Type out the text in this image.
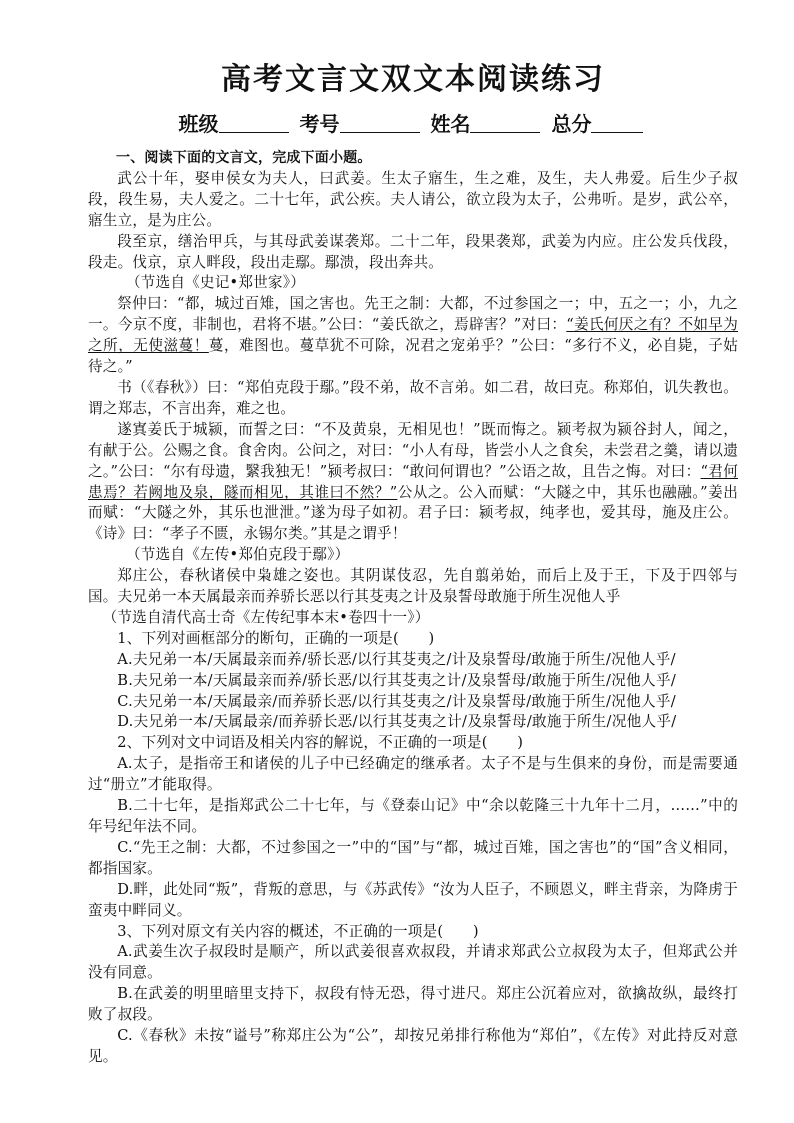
高考文言文双文本阅读练习
班级	考号	姓名	总分

一、阅读下面的文言文，完成下面小题。

武公十年，娶申侯女为夫人，曰武姜。生太子寤生，生之难，及生，夫人弗爱。后生少子叔段，段生易，夫人爱之。二十七年，武公疾。夫人请公，欲立段为太子，公弗听。是岁，武公卒，寤生立，是为庄公。

段至京，缮治甲兵，与其母武姜谋袭郑。二十二年，段果袭郑，武姜为内应。庄公发兵伐段，段走。伐京，京人畔段，段出走鄢。鄢溃，段出奔共。

（节选自《史记•郑世家》）

祭仲曰：“都，城过百雉，国之害也。先王之制：大都，不过参国之一；中，五之一；小，九之一。今京不度，非制也，君将不堪。”公曰：“姜氏欲之，焉辟害？”对曰：“姜氏何厌之有？不如早为之所，无使滋蔓！蔓，难图也。蔓草犹不可除，况君之宠弟乎？”公曰：“多行不义，必自毙，子姑待之。”

书（《春秋》）曰：“郑伯克段于鄢。”段不弟，故不言弟。如二君，故曰克。称郑伯，讥失教也。谓之郑志，不言出奔，难之也。

遂寘姜氏于城颍，而誓之曰：“不及黄泉，无相见也！”既而悔之。颍考叔为颍谷封人，闻之，有献于公。公赐之食。食舍肉。公问之，对曰：“小人有母，皆尝小人之食矣，未尝君之羹，请以遗之。”公曰：“尔有母遗，繄我独无！”颍考叔曰：“敢问何谓也？”公语之故，且告之悔。对曰：“君何患焉？若阙地及泉，隧而相见，其谁曰不然？”公从之。公入而赋：“大隧之中，其乐也融融。”姜出而赋：“大隧之外，其乐也泄泄。”遂为母子如初。君子曰：颍考叔，纯孝也，爱其母，施及庄公。《诗》曰：“孝子不匮，永锡尔类。”其是之谓乎！

（节选自《左传•郑伯克段于鄢》）

郑庄公，春秋诸侯中枭雄之姿也。其阴谋伎忍，先自翦弟始，而后上及于王，下及于四邻与国。夫兄弟一本天属最亲而养骄长恶以行其芟夷之计及泉誓母敢施于所生况他人乎

（节选自清代高士奇《左传纪事本末•卷四十一》）

1、下列对画框部分的断句，正确的一项是(　　)

A.夫兄弟一本/天属最亲而养/骄长恶/以行其芟夷之/计及泉誓母/敢施于所生/况他人乎/

B.夫兄弟一本/天属最亲而养/骄长恶/以行其芟夷之计/及泉誓母/敢施于所生/况他人乎/

C.夫兄弟一本/天属最亲/而养骄长恶/以行其芟夷之/计及泉誓母/敢施于所生/况他人乎/

D.夫兄弟一本/天属最亲/而养骄长恶/以行其芟夷之计/及泉誓母/敢施于所生/况他人乎/

2、下列对文中词语及相关内容的解说，不正确的一项是(　　)

A.太子，是指帝王和诸侯的儿子中已经确定的继承者。太子不是与生俱来的身份，而是需要通过“册立”才能取得。

B.二十七年，是指郑武公二十七年，与《登泰山记》中“余以乾隆三十九年十二月，……”中的年号纪年法不同。

C.“先王之制：大都，不过参国之一”中的“国”与“都，城过百雉，国之害也”的“国”含义相同，都指国家。

D.畔，此处同“叛”，背叛的意思，与《苏武传》“汝为人臣子，不顾恩义，畔主背亲，为降虏于蛮夷中畔同义。

3、下列对原文有关内容的概述，不正确的一项是(　　)

A.武姜生次子叔段时是顺产，所以武姜很喜欢叔段，并请求郑武公立叔段为太子，但郑武公并没有同意。

B.在武姜的明里暗里支持下，叔段有恃无恐，得寸进尺。郑庄公沉着应对，欲擒故纵，最终打败了叔段。

C.《春秋》未按“谥号”称郑庄公为“公”，却按兄弟排行称他为“郑伯”，《左传》对此持反对意见。
